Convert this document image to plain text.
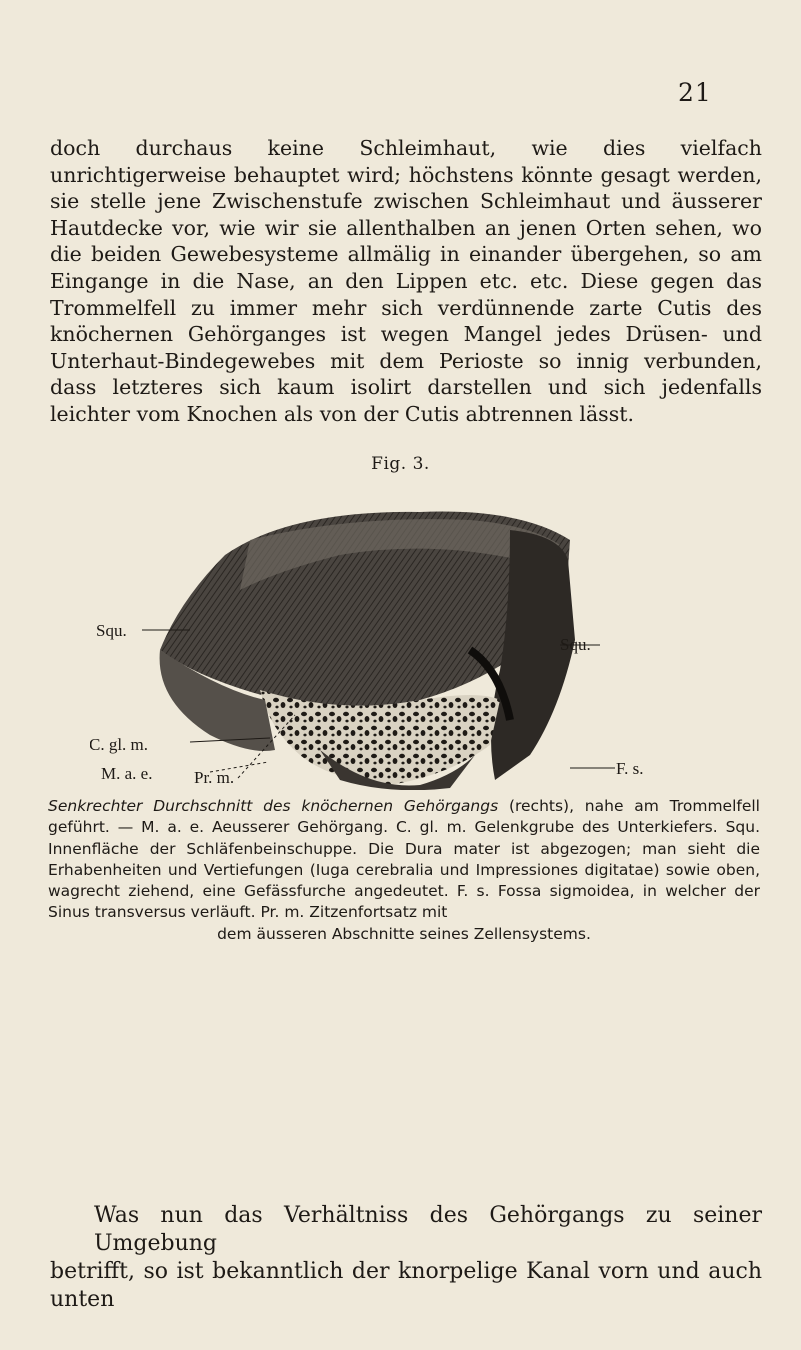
21

doch durchaus keine Schleimhaut, wie dies vielfach unrichtigerweise behauptet wird; höchstens könnte gesagt werden, sie stelle jene Zwischenstufe zwischen Schleimhaut und äusserer Hautdecke vor, wie wir sie allenthalben an jenen Orten sehen, wo die beiden Gewebesysteme allmälig in einander übergehen, so am Eingange in die Nase, an den Lippen etc. etc. Diese gegen das Trommelfell zu immer mehr sich verdünnende zarte Cutis des knöchernen Gehörganges ist wegen Mangel jedes Drüsen- und Unterhaut-Bindegewebes mit dem Perioste so innig verbunden, dass letzteres sich kaum isolirt darstellen und sich jedenfalls leichter vom Knochen als von der Cutis abtrennen lässt.

Fig. 3.
Squ.
Squ.
C. gl. m.
M. a. e.	F. s.
Pr. m.
Senkrechter Durchschnitt des knöchernen Gehörgangs (rechts), nahe am Trommelfell geführt. — M. a. e. Aeusserer Gehörgang. C. gl. m. Gelenkgrube des Unterkiefers. Squ. Innenfläche der Schläfenbeinschuppe. Die Dura mater ist abgezogen; man sieht die Erhabenheiten und Vertiefungen (Iuga cerebralia und Impressiones digitatae) sowie oben, wagrecht ziehend, eine Gefässfurche angedeutet. F. s. Fossa sigmoidea, in welcher der Sinus transversus verläuft. Pr. m. Zitzenfortsatz mit
dem äusseren Abschnitte seines Zellensystems.
Was nun das Verhältniss des Gehörgangs zu seiner Umgebung
betrifft, so ist bekanntlich der knorpelige Kanal vorn und auch unten
